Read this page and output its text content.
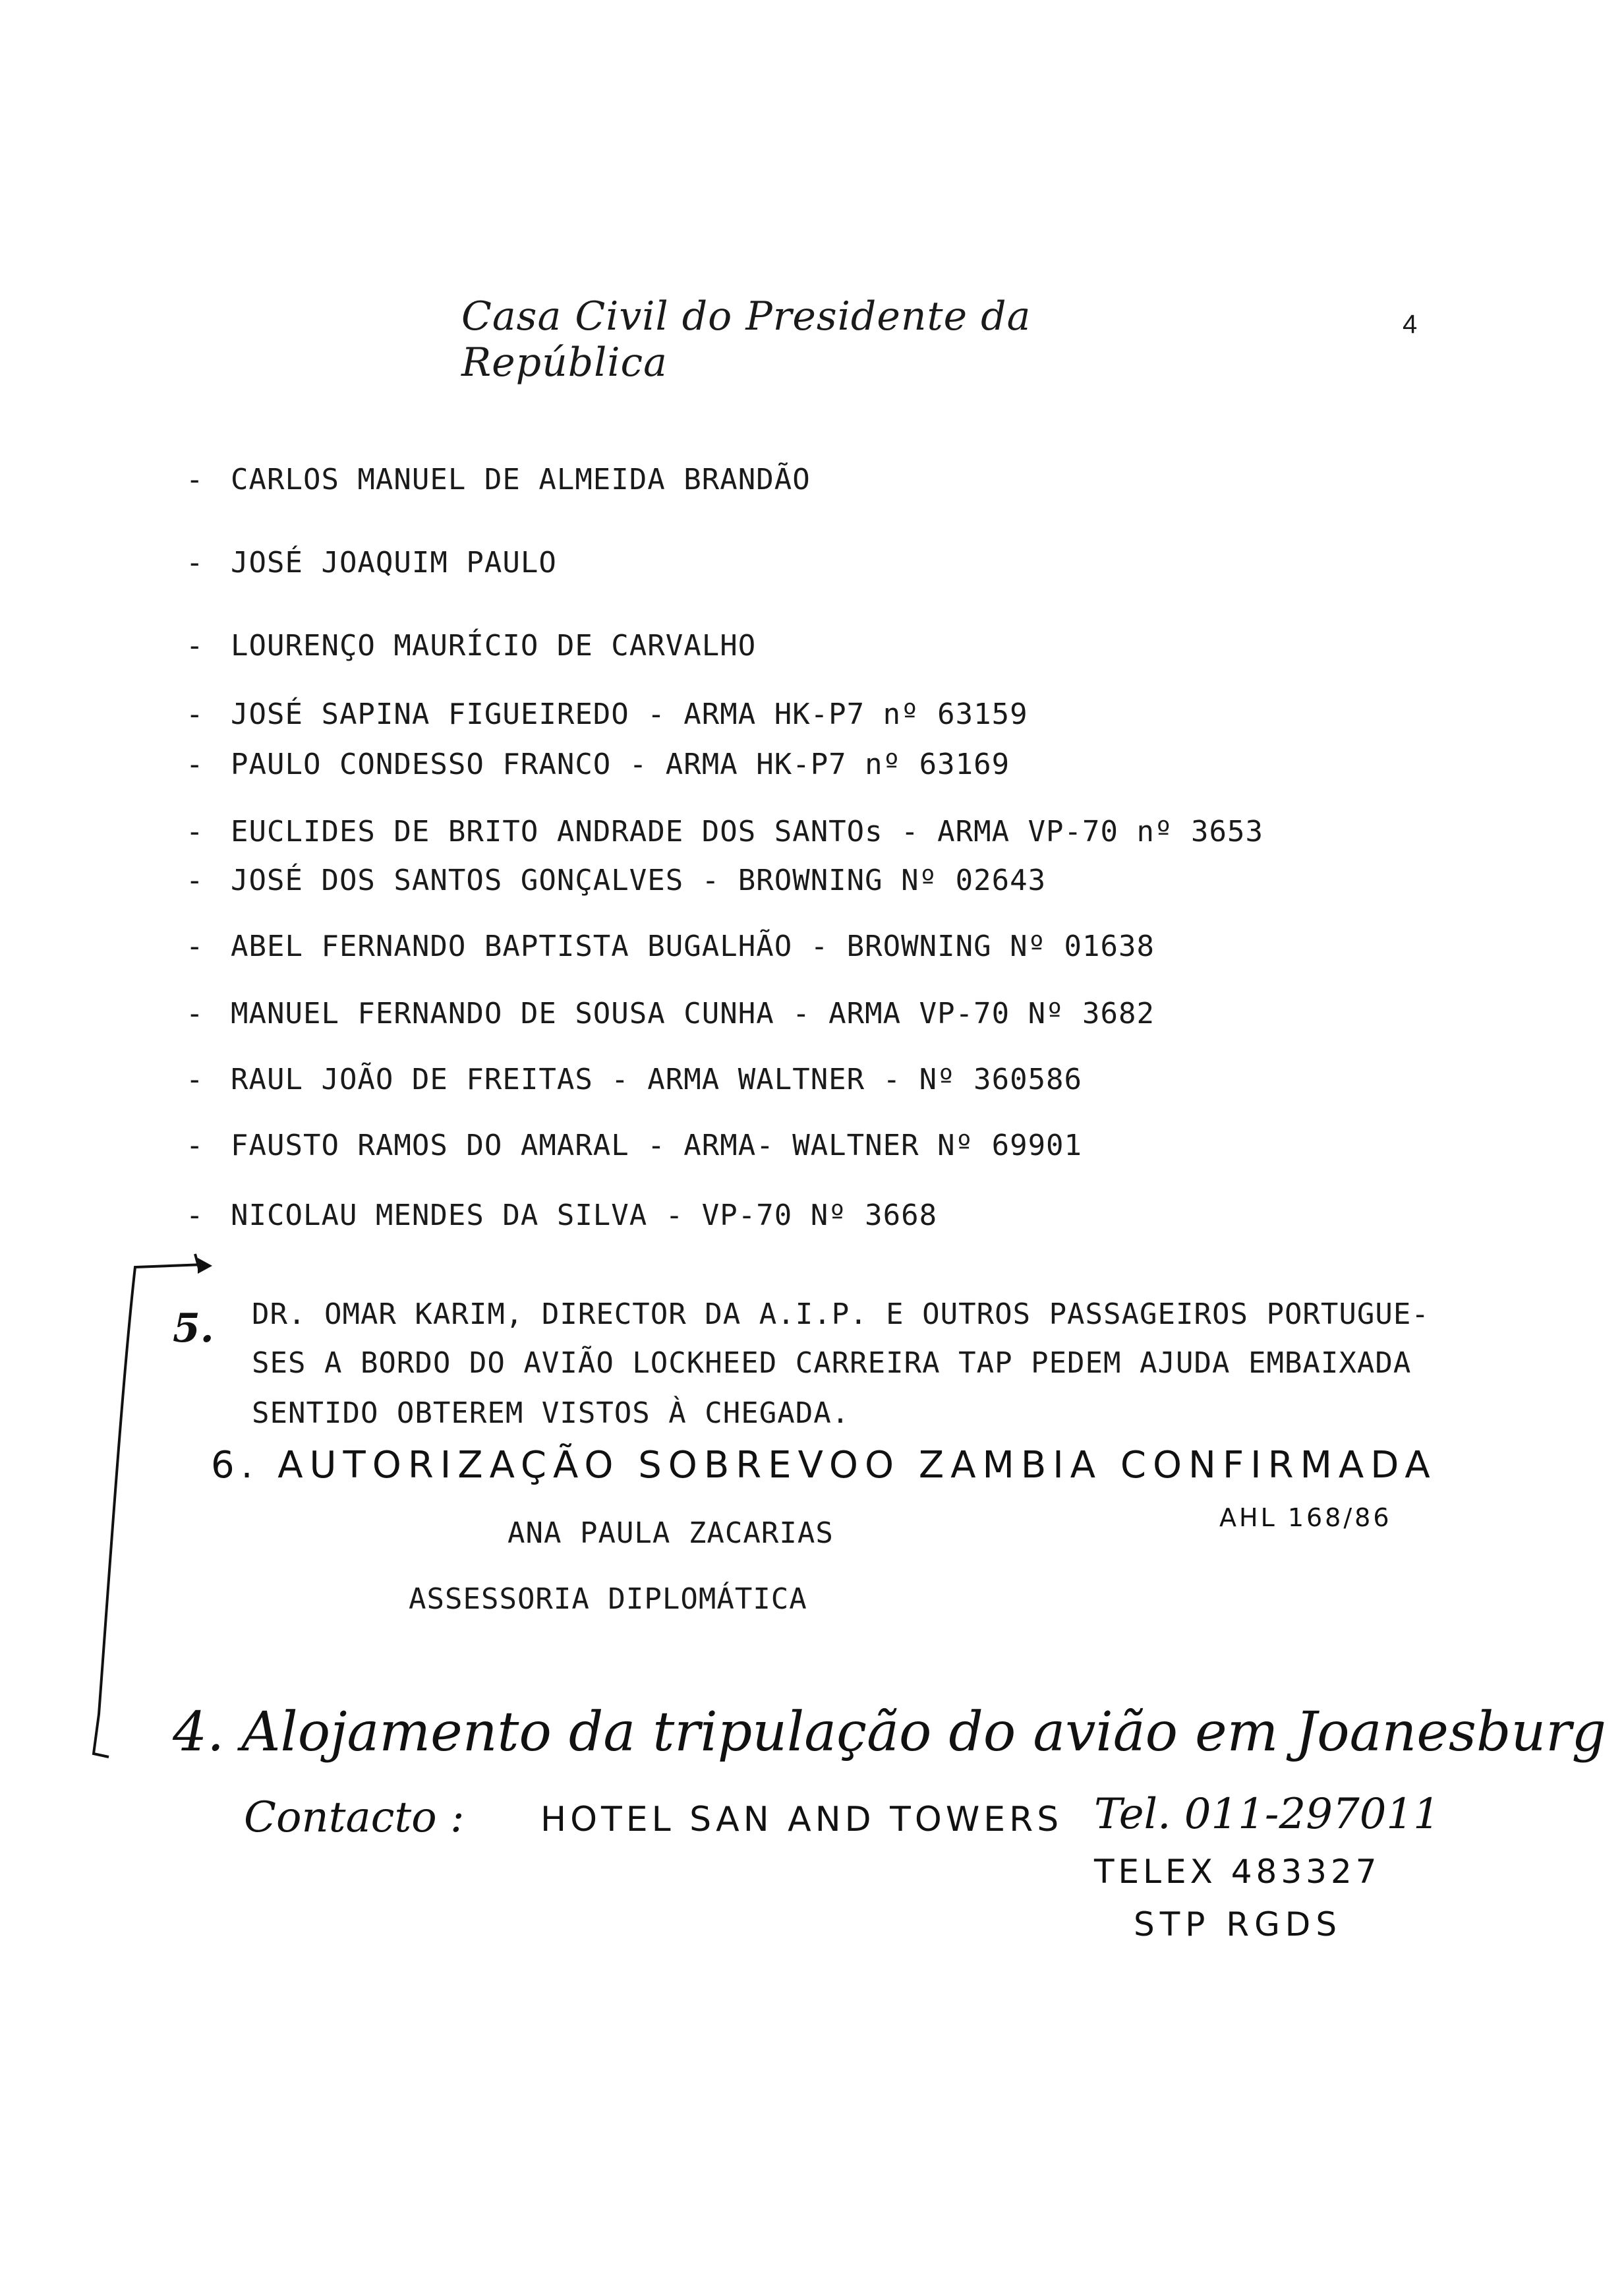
Casa Civil do Presidente da República
4
- CARLOS MANUEL DE ALMEIDA BRANDÃO
- JOSÉ JOAQUIM PAULO
- LOURENÇO MAURÍCIO DE CARVALHO
- JOSÉ SAPINA FIGUEIREDO - ARMA HK-P7 nº 63159
- PAULO CONDESSO FRANCO - ARMA HK-P7 nº 63169
- EUCLIDES DE BRITO ANDRADE DOS SANTOs - ARMA VP-70 nº 3653
- JOSÉ DOS SANTOS GONÇALVES - BROWNING Nº 02643
- ABEL FERNANDO BAPTISTA BUGALHÃO - BROWNING Nº 01638
- MANUEL FERNANDO DE SOUSA CUNHA - ARMA VP-70 Nº 3682
- RAUL JOÃO DE FREITAS - ARMA WALTNER - Nº 360586
- FAUSTO RAMOS DO AMARAL - ARMA- WALTNER Nº 69901
- NICOLAU MENDES DA SILVA - VP-70 Nº 3668
5. DR. OMAR KARIM, DIRECTOR DA A.I.P. E OUTROS PASSAGEIROS PORTUGUE-
SES A BORDO DO AVIÃO LOCKHEED CARREIRA TAP PEDEM AJUDA EMBAIXADA
SENTIDO OBTEREM VISTOS À CHEGADA.
6. AUTORIZAÇÃO SOBREVOO ZAMBIA CONFIRMADA
AHL 168/86
ANA PAULA ZACARIAS
ASSESSORIA DIPLOMÁTICA
4. Alojamento da tripulação do avião em Joanesburg
Contacto : HOTEL SAN AND TOWERS Tel. 011-297011
TELEX 483327
STP RGDS
